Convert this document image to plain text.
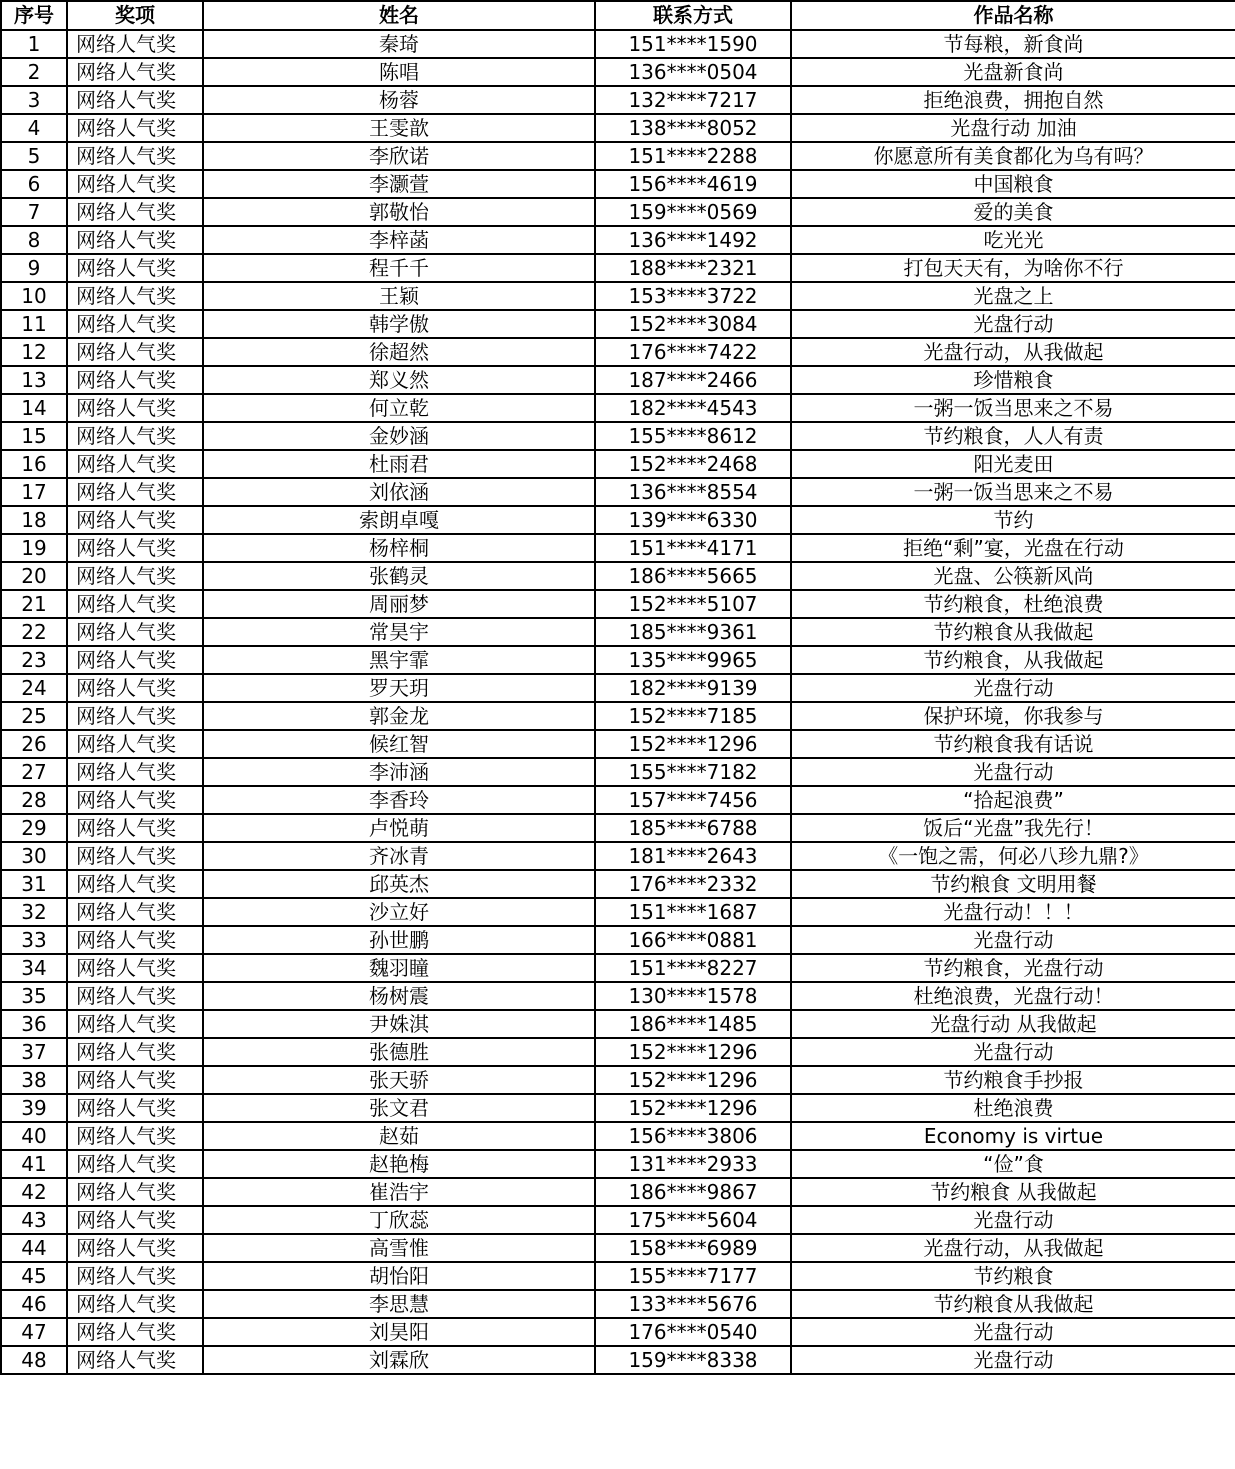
序号	奖项	姓名	联系方式	作品名称
1	网络人气奖	秦琦	151****1590	节每粮，新食尚
2	网络人气奖	陈唱	136****0504	光盘新食尚
3	网络人气奖	杨蓉	132****7217	拒绝浪费，拥抱自然
4	网络人气奖	王雯歆	138****8052	光盘行动 加油
5	网络人气奖	李欣诺	151****2288	你愿意所有美食都化为乌有吗？
6	网络人气奖	李灏萱	156****4619	中国粮食
7	网络人气奖	郭敬怡	159****0569	爱的美食
8	网络人气奖	李梓菡	136****1492	吃光光
9	网络人气奖	程千千	188****2321	打包天天有，为啥你不行
10	网络人气奖	王颖	153****3722	光盘之上
11	网络人气奖	韩学傲	152****3084	光盘行动
12	网络人气奖	徐超然	176****7422	光盘行动，从我做起
13	网络人气奖	郑义然	187****2466	珍惜粮食
14	网络人气奖	何立乾	182****4543	一粥一饭当思来之不易
15	网络人气奖	金妙涵	155****8612	节约粮食，人人有责
16	网络人气奖	杜雨君	152****2468	阳光麦田
17	网络人气奖	刘依涵	136****8554	一粥一饭当思来之不易
18	网络人气奖	索朗卓嘎	139****6330	节约
19	网络人气奖	杨梓桐	151****4171	拒绝“剩”宴，光盘在行动
20	网络人气奖	张鹤灵	186****5665	光盘、公筷新风尚
21	网络人气奖	周丽梦	152****5107	节约粮食，杜绝浪费
22	网络人气奖	常昊宇	185****9361	节约粮食从我做起
23	网络人气奖	黑宇霏	135****9965	节约粮食，从我做起
24	网络人气奖	罗天玥	182****9139	光盘行动
25	网络人气奖	郭金龙	152****7185	保护环境，你我参与
26	网络人气奖	候红智	152****1296	节约粮食我有话说
27	网络人气奖	李沛涵	155****7182	光盘行动
28	网络人气奖	李香玲	157****7456	“拾起浪费”
29	网络人气奖	卢悦萌	185****6788	饭后“光盘”我先行！
30	网络人气奖	齐冰青	181****2643	《一饱之需，何必八珍九鼎?》
31	网络人气奖	邱英杰	176****2332	节约粮食 文明用餐
32	网络人气奖	沙立好	151****1687	光盘行动！！！
33	网络人气奖	孙世鹏	166****0881	光盘行动
34	网络人气奖	魏羽瞳	151****8227	节约粮食，光盘行动
35	网络人气奖	杨树震	130****1578	杜绝浪费，光盘行动！
36	网络人气奖	尹姝淇	186****1485	光盘行动 从我做起
37	网络人气奖	张德胜	152****1296	光盘行动
38	网络人气奖	张天骄	152****1296	节约粮食手抄报
39	网络人气奖	张文君	152****1296	杜绝浪费
40	网络人气奖	赵茹	156****3806	Economy is virtue
41	网络人气奖	赵艳梅	131****2933	“俭”食
42	网络人气奖	崔浩宇	186****9867	节约粮食 从我做起
43	网络人气奖	丁欣蕊	175****5604	光盘行动
44	网络人气奖	高雪惟	158****6989	光盘行动，从我做起
45	网络人气奖	胡怡阳	155****7177	节约粮食
46	网络人气奖	李思慧	133****5676	节约粮食从我做起
47	网络人气奖	刘昊阳	176****0540	光盘行动
48	网络人气奖	刘霖欣	159****8338	光盘行动
